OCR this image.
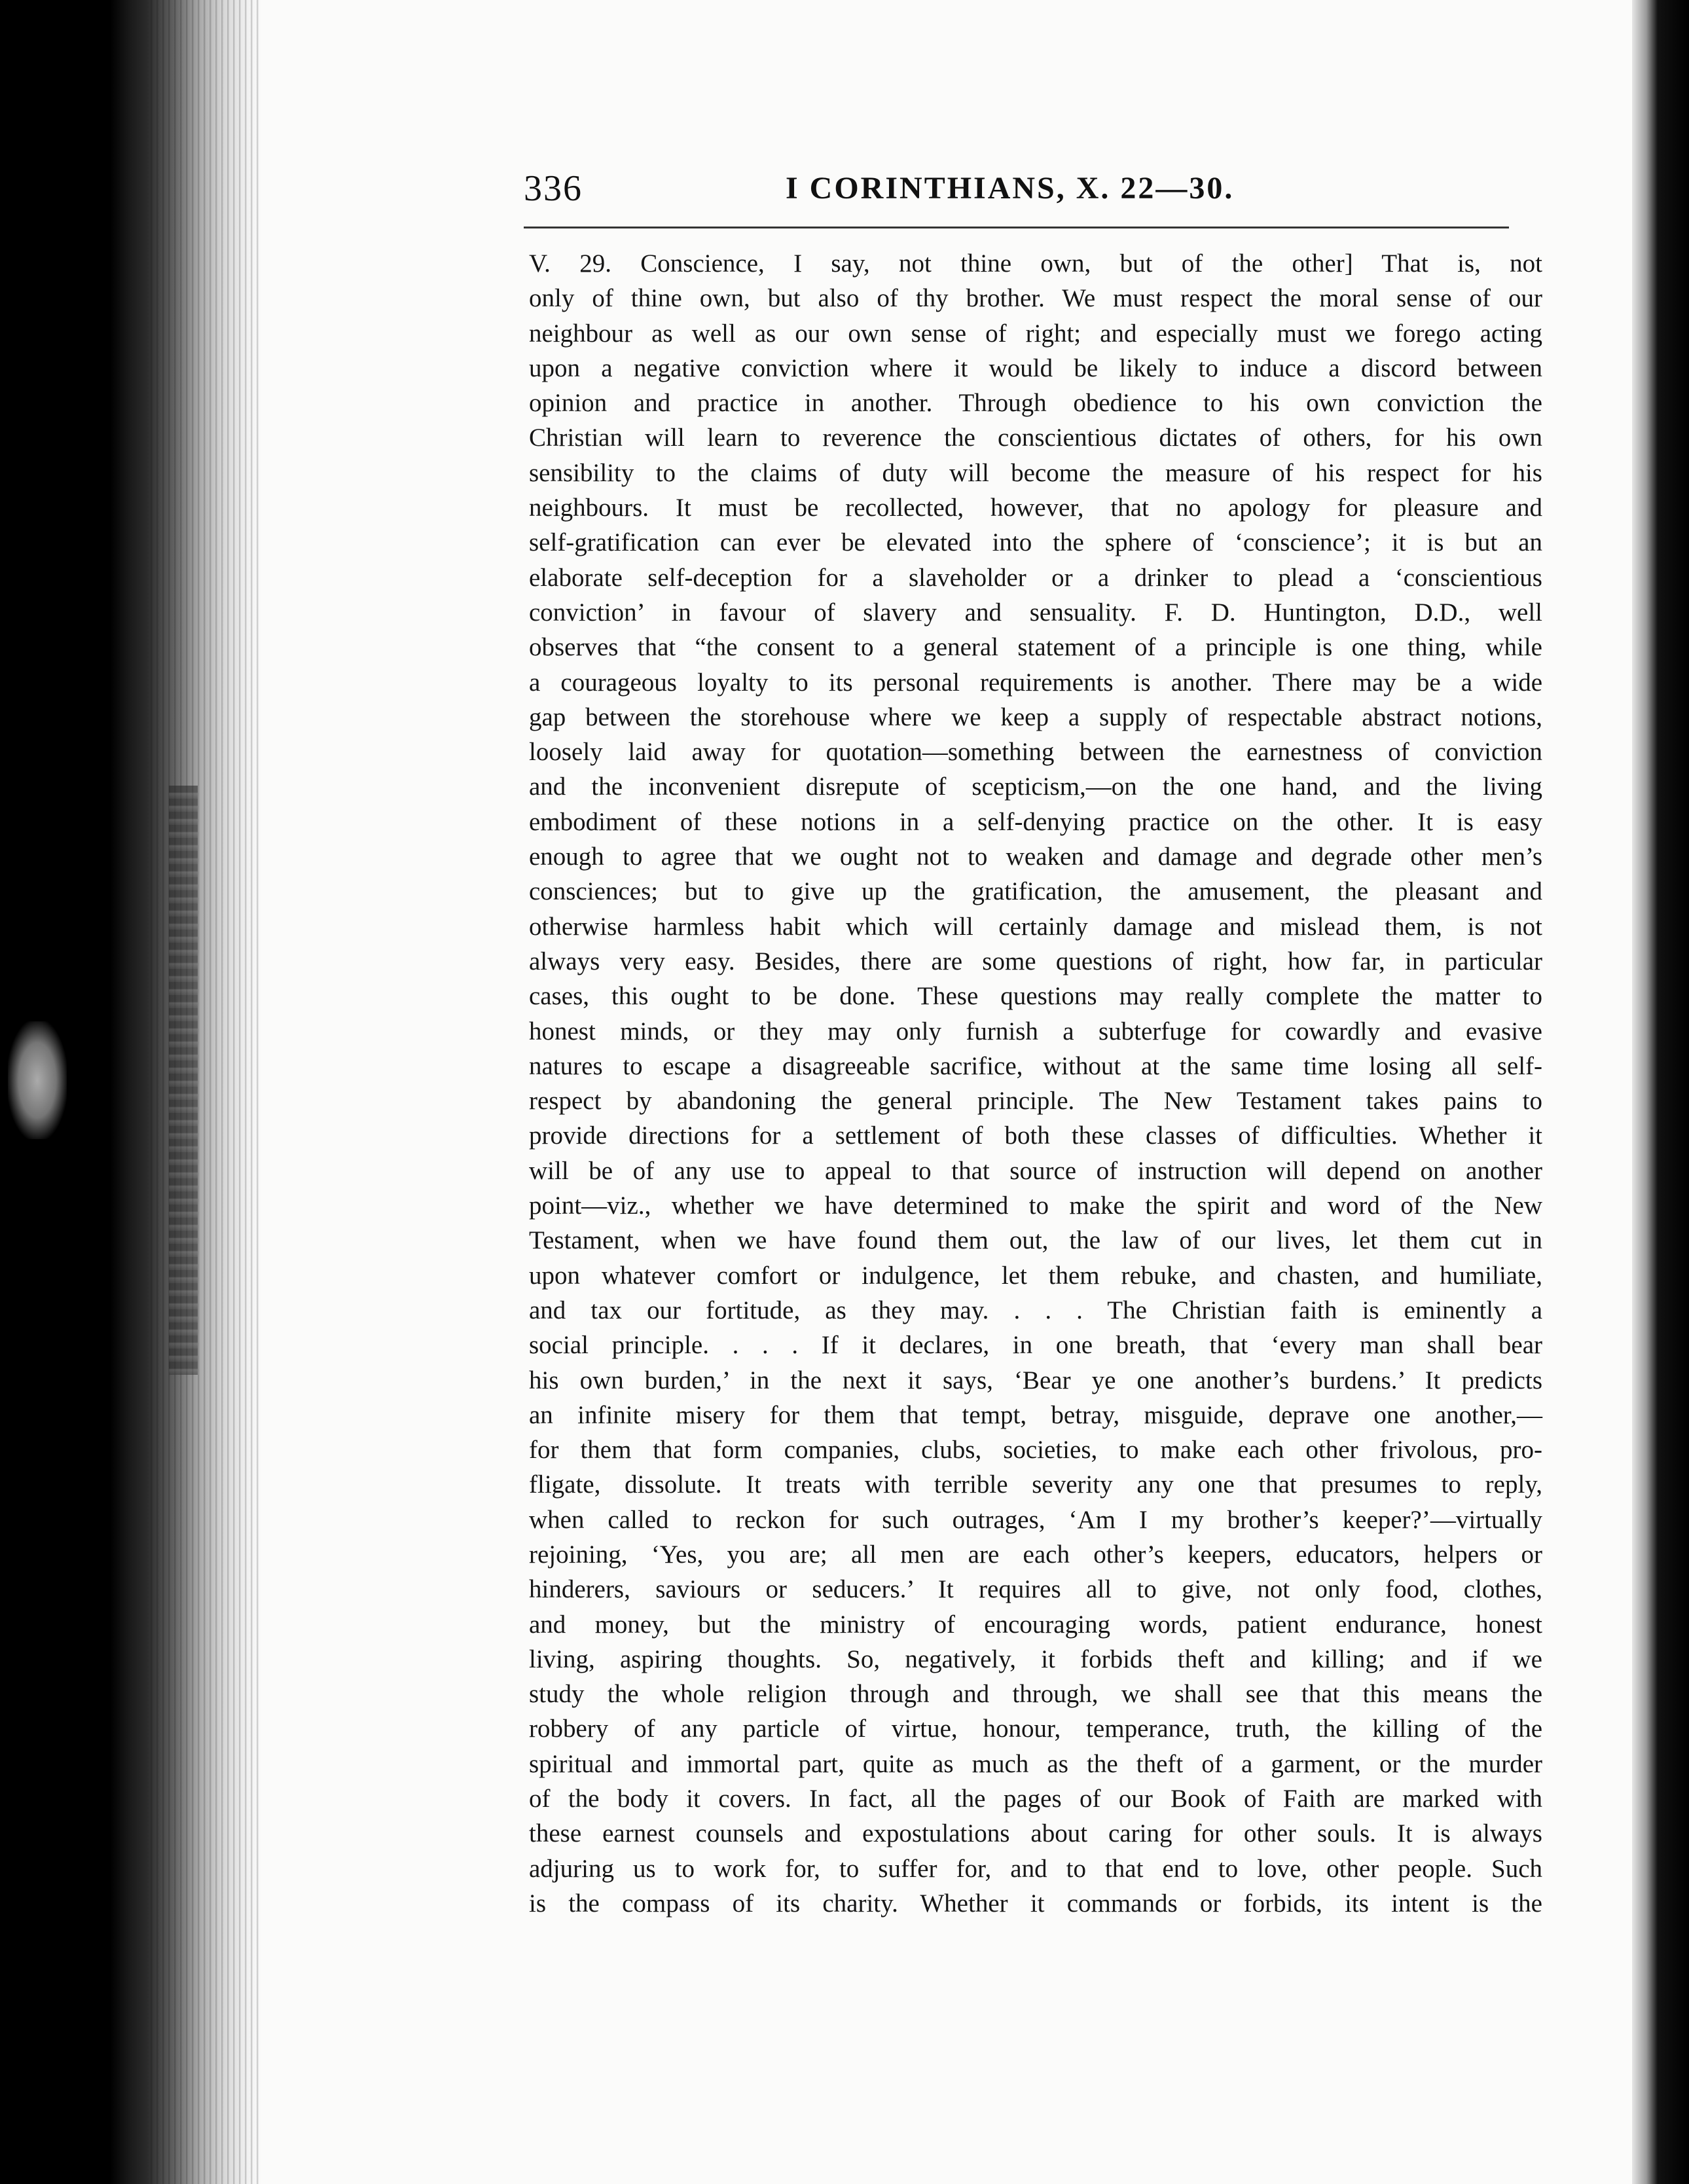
336	I CORINTHIANS, X. 22—30.
V. 29. Conscience, I say, not thine own, but of the other] That is, not
only of thine own, but also of thy brother. We must respect the moral sense of our
neighbour as well as our own sense of right; and especially must we forego acting
upon a negative conviction where it would be likely to induce a discord between
opinion and practice in another. Through obedience to his own conviction the
Christian will learn to reverence the conscientious dictates of others, for his own
sensibility to the claims of duty will become the measure of his respect for his
neighbours. It must be recollected, however, that no apology for pleasure and
self-gratification can ever be elevated into the sphere of ‘conscience’; it is but an
elaborate self-deception for a slaveholder or a drinker to plead a ‘conscientious
conviction’ in favour of slavery and sensuality. F. D. Huntington, D.D., well
observes that “the consent to a general statement of a principle is one thing, while
a courageous loyalty to its personal requirements is another. There may be a wide
gap between the storehouse where we keep a supply of respectable abstract notions,
loosely laid away for quotation—something between the earnestness of conviction
and the inconvenient disrepute of scepticism,—on the one hand, and the living
embodiment of these notions in a self-denying practice on the other. It is easy
enough to agree that we ought not to weaken and damage and degrade other men’s
consciences; but to give up the gratification, the amusement, the pleasant and
otherwise harmless habit which will certainly damage and mislead them, is not
always very easy. Besides, there are some questions of right, how far, in particular
cases, this ought to be done. These questions may really complete the matter to
honest minds, or they may only furnish a subterfuge for cowardly and evasive
natures to escape a disagreeable sacrifice, without at the same time losing all self-
respect by abandoning the general principle. The New Testament takes pains to
provide directions for a settlement of both these classes of difficulties. Whether it
will be of any use to appeal to that source of instruction will depend on another
point—viz., whether we have determined to make the spirit and word of the New
Testament, when we have found them out, the law of our lives, let them cut in
upon whatever comfort or indulgence, let them rebuke, and chasten, and humiliate,
and tax our fortitude, as they may. . . . The Christian faith is eminently a
social principle. . . . If it declares, in one breath, that ‘every man shall bear
his own burden,’ in the next it says, ‘Bear ye one another’s burdens.’ It predicts
an infinite misery for them that tempt, betray, misguide, deprave one another,—
for them that form companies, clubs, societies, to make each other frivolous, pro-
fligate, dissolute. It treats with terrible severity any one that presumes to reply,
when called to reckon for such outrages, ‘Am I my brother’s keeper?’—virtually
rejoining, ‘Yes, you are; all men are each other’s keepers, educators, helpers or
hinderers, saviours or seducers.’ It requires all to give, not only food, clothes,
and money, but the ministry of encouraging words, patient endurance, honest
living, aspiring thoughts. So, negatively, it forbids theft and killing; and if we
study the whole religion through and through, we shall see that this means the
robbery of any particle of virtue, honour, temperance, truth, the killing of the
spiritual and immortal part, quite as much as the theft of a garment, or the murder
of the body it covers. In fact, all the pages of our Book of Faith are marked with
these earnest counsels and expostulations about caring for other souls. It is always
adjuring us to work for, to suffer for, and to that end to love, other people. Such
is the compass of its charity. Whether it commands or forbids, its intent is the
